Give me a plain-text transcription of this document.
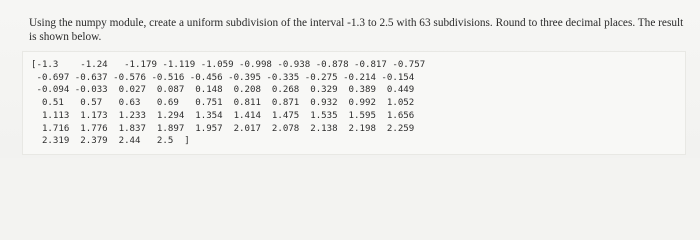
Using the numpy module, create a uniform subdivision of the interval -1.3 to 2.5 with 63 subdivisions. Round to three decimal places. The result is shown below.
[-1.3    -1.24   -1.179 -1.119 -1.059 -0.998 -0.938 -0.878 -0.817 -0.757
-0.697 -0.637 -0.576 -0.516 -0.456 -0.395 -0.335 -0.275 -0.214 -0.154
-0.094 -0.033  0.027  0.087  0.148  0.208  0.268  0.329  0.389  0.449
0.51   0.57   0.63   0.69   0.751  0.811  0.871  0.932  0.992  1.052
1.113  1.173  1.233  1.294  1.354  1.414  1.475  1.535  1.595  1.656
1.716  1.776  1.837  1.897  1.957  2.017  2.078  2.138  2.198  2.259
2.319  2.379  2.44   2.5  ]
